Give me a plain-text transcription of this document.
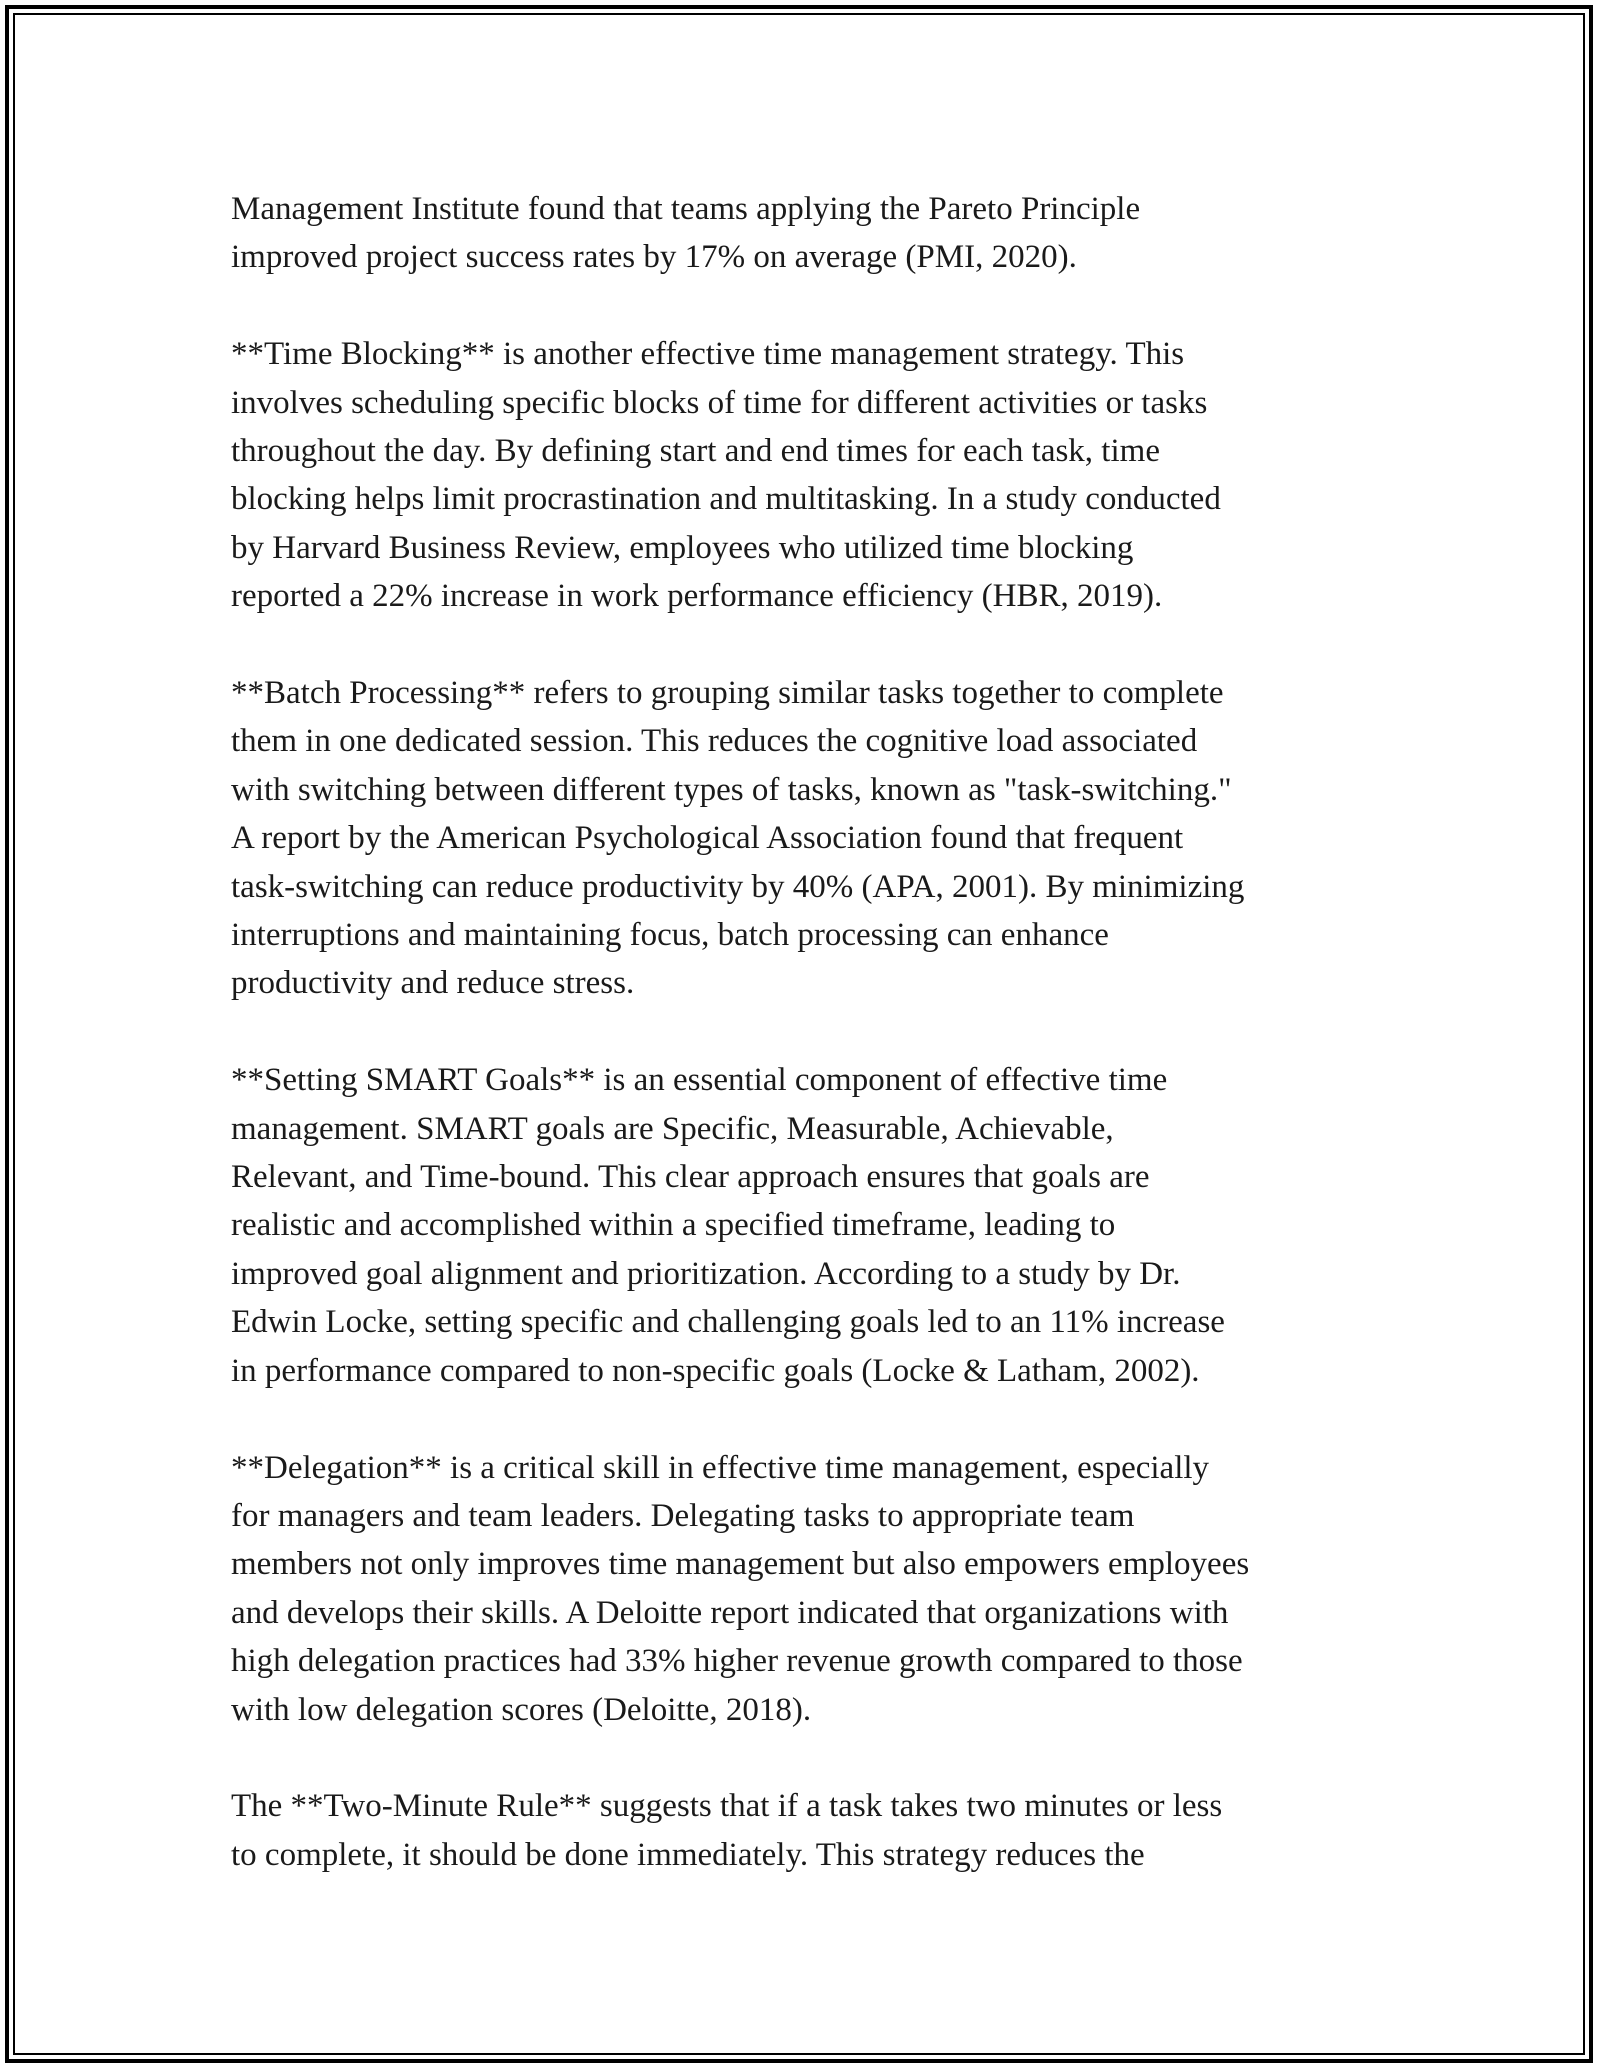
Management Institute found that teams applying the Pareto Principle
improved project success rates by 17% on average (PMI, 2020).

**Time Blocking** is another effective time management strategy. This
involves scheduling specific blocks of time for different activities or tasks
throughout the day. By defining start and end times for each task, time
blocking helps limit procrastination and multitasking. In a study conducted
by Harvard Business Review, employees who utilized time blocking
reported a 22% increase in work performance efficiency (HBR, 2019).

**Batch Processing** refers to grouping similar tasks together to complete
them in one dedicated session. This reduces the cognitive load associated
with switching between different types of tasks, known as "task-switching."
A report by the American Psychological Association found that frequent
task-switching can reduce productivity by 40% (APA, 2001). By minimizing
interruptions and maintaining focus, batch processing can enhance
productivity and reduce stress.

**Setting SMART Goals** is an essential component of effective time
management. SMART goals are Specific, Measurable, Achievable,
Relevant, and Time-bound. This clear approach ensures that goals are
realistic and accomplished within a specified timeframe, leading to
improved goal alignment and prioritization. According to a study by Dr.
Edwin Locke, setting specific and challenging goals led to an 11% increase
in performance compared to non-specific goals (Locke & Latham, 2002).

**Delegation** is a critical skill in effective time management, especially
for managers and team leaders. Delegating tasks to appropriate team
members not only improves time management but also empowers employees
and develops their skills. A Deloitte report indicated that organizations with
high delegation practices had 33% higher revenue growth compared to those
with low delegation scores (Deloitte, 2018).

The **Two-Minute Rule** suggests that if a task takes two minutes or less
to complete, it should be done immediately. This strategy reduces the
